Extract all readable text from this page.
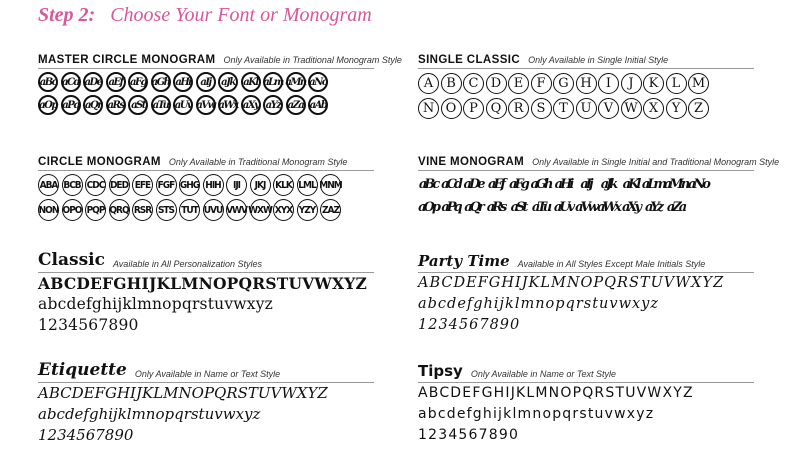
Step 2: Choose Your Font or Monogram
MASTER CIRCLE MONOGRAM Only Available in Traditional Monogram Style
aBc aCd aDe aEf aFg aGh aHi aIj	aJk aKl aLm aMn aNo
aOp aPq aQr aRs aSt aTu aUv aVw aWx aXy aYz aZa aAb
SINGLE CLASSIC Only Available in Single Initial Style
A	B C D E	F G H	I	J	K	L M
N O P Q R	S	T U V W X	Y	Z
CIRCLE MONOGRAM Only Available in Traditional Monogram Style
ABA BCB CDC DED EFE FGF GHG HIH	IJI	JKJ KLK LML MNM
NON OPO PQP QRQ RSR STS TUT UVU VWV WXW XYX YZY ZAZ
VINE MONOGRAM Only Available in Single Initial and Traditional Monogram Style
aBc aCd aDe aEf aFg aGh aHi aIj aJk aKl aLm aMn aNo
aOp aPq aQr aRs aSt aTu aUv aVw aWx aXy aYz aZa
Classic Available in All Personalization Styles
ABCDEFGHIJKLMNOPQRSTUVWXYZ
abcdefghijklmnopqrstuvwxyz
1234567890
Party Time Available in All Styles Except Male Initials Style
ABCDEFGHIJKLMNOPQRSTUVWXYZ
abcdefghijklmnopqrstuvwxyz
1234567890
Etiquette Only Available in Name or Text Style
ABCDEFGHIJKLMNOPQRSTUVWXYZ
abcdefghijklmnopqrstuvwxyz
1234567890
Tipsy Only Available in Name or Text Style
ABCDEFGHIJKLMNOPQRSTUVWXYZ
abcdefghijklmnopqrstuvwxyz
1234567890
